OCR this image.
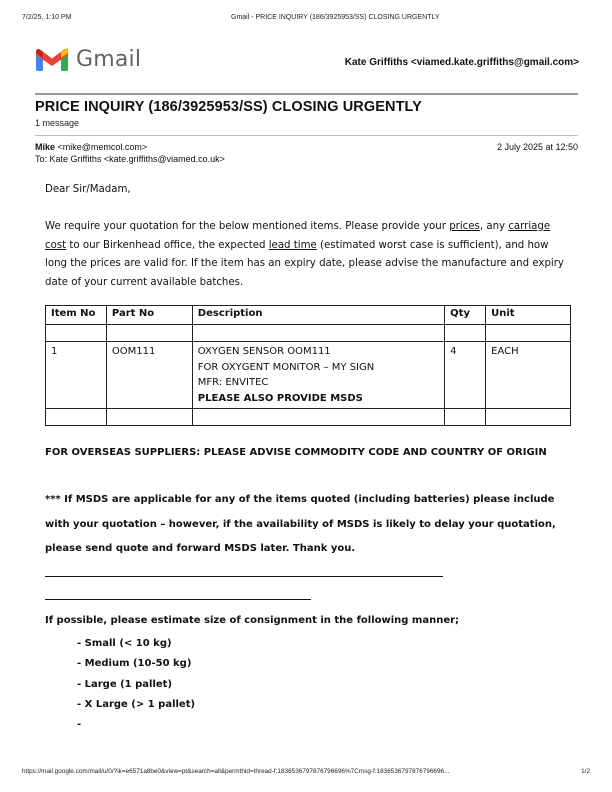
7/2/25, 1:10 PM	Gmail - PRICE INQUIRY (186/3925953/SS) CLOSING URGENTLY
Gmail	Kate Griffiths <viamed.kate.griffiths@gmail.com>
PRICE INQUIRY (186/3925953/SS) CLOSING URGENTLY
1 message
Mike <mike@memcol.com>	2 July 2025 at 12:50
To: Kate Griffiths <kate.griffiths@viamed.co.uk>
Dear Sir/Madam,
We require your quotation for the below mentioned items. Please provide your prices, any carriage cost to our Birkenhead office, the expected lead time (estimated worst case is sufficient), and how long the prices are valid for. If the item has an expiry date, please advise the manufacture and expiry date of your current available batches.
Item No	Part No	Description	Qty	Unit

1	OOM111	OXYGEN SENSOR OOM111
FOR OXYGENT MONITOR – MY SIGN
MFR: ENVITEC
PLEASE ALSO PROVIDE MSDS	4	EACH

FOR OVERSEAS SUPPLIERS: PLEASE ADVISE COMMODITY CODE AND COUNTRY OF ORIGIN
*** If MSDS are applicable for any of the items quoted (including batteries) please include with your quotation – however, if the availability of MSDS is likely to delay your quotation, please send quote and forward MSDS later. Thank you.
If possible, please estimate size of consignment in the following manner;
- Small (< 10 kg)
- Medium (10-50 kg)
- Large (1 pallet)
- X Large (> 1 pallet)
-
https://mail.google.com/mail/u/0/?ik=e6571a8be0&view=pt&search=all&permthid=thread-f:1836536797876796696%7Cmsg-f:1836536797876796696...	1/2
